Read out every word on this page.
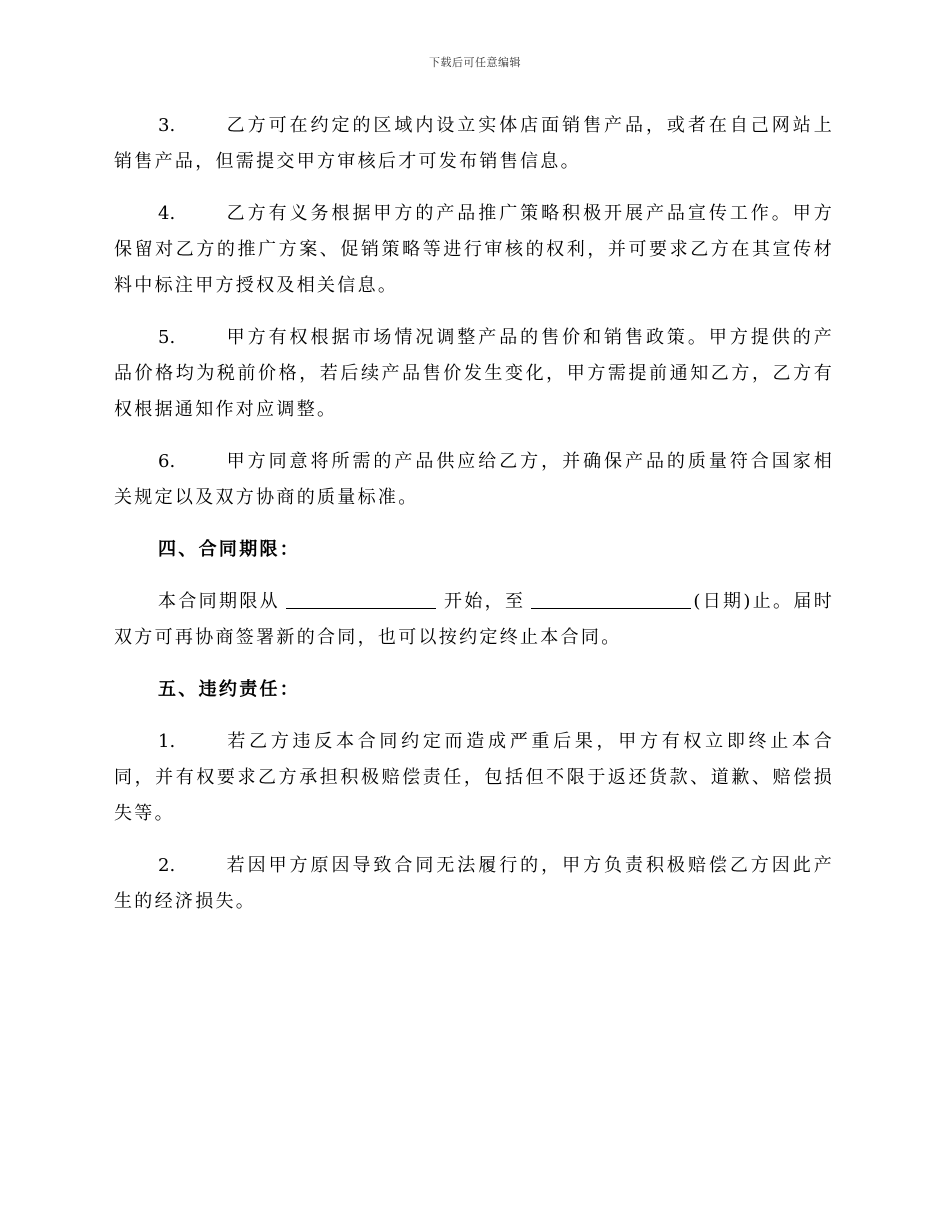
下载后可任意编辑

3.	乙方可在约定的区域内设立实体店面销售产品，或者在自己网站上销售产品，但需提交甲方审核后才可发布销售信息。

4.	乙方有义务根据甲方的产品推广策略积极开展产品宣传工作。甲方保留对乙方的推广方案、促销策略等进行审核的权利，并可要求乙方在其宣传材料中标注甲方授权及相关信息。

5.	甲方有权根据市场情况调整产品的售价和销售政策。甲方提供的产品价格均为税前价格，若后续产品售价发生变化，甲方需提前通知乙方，乙方有权根据通知作对应调整。

6.	甲方同意将所需的产品供应给乙方，并确保产品的质量符合国家相关规定以及双方协商的质量标准。

四、合同期限：

本合同期限从	开始，至	(日期)止。届时双方可再协商签署新的合同，也可以按约定终止本合同。

五、违约责任：

1.	若乙方违反本合同约定而造成严重后果，甲方有权立即终止本合同，并有权要求乙方承担积极赔偿责任，包括但不限于返还货款、道歉、赔偿损失等。

2.	若因甲方原因导致合同无法履行的，甲方负责积极赔偿乙方因此产生的经济损失。
